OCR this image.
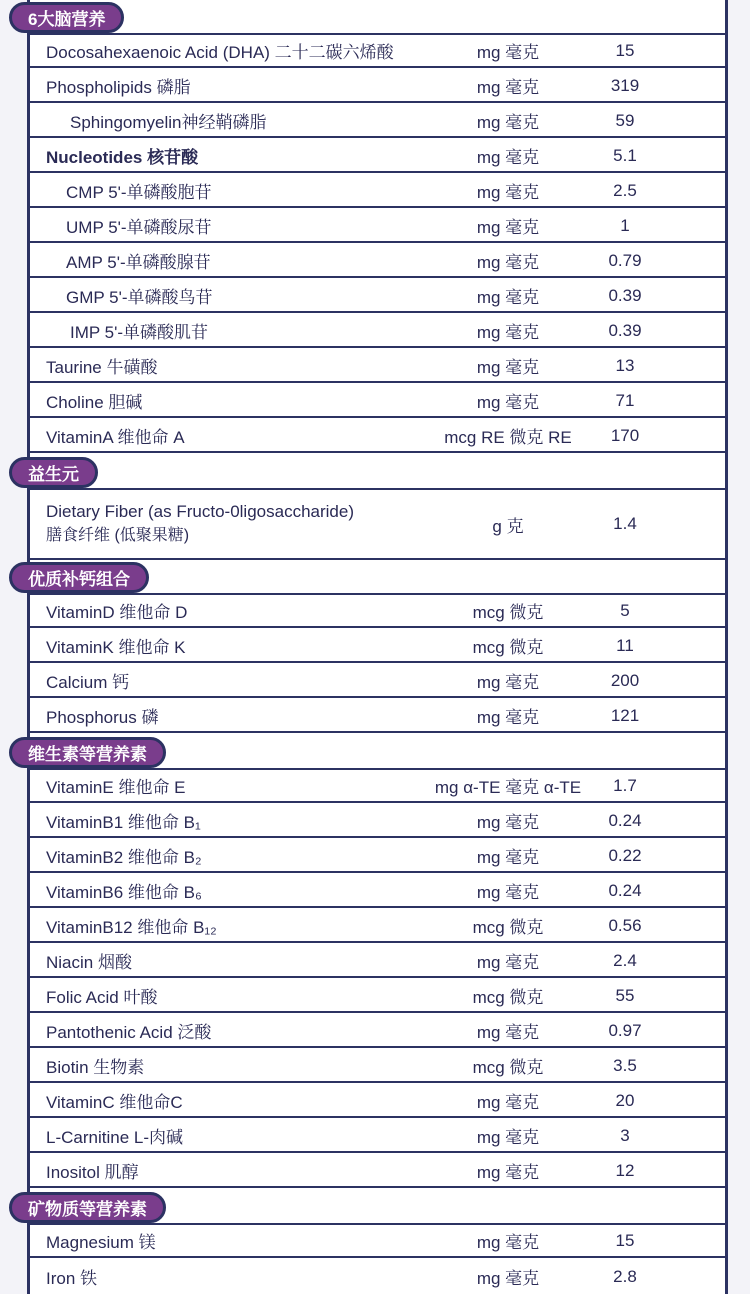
6大脑营养
Docosahexaenoic Acid (DHA) 二十二碳六烯酸	mg 毫克	15
Phospholipids 磷脂	mg 毫克	319
Sphingomyelin神经鞘磷脂	mg 毫克	59
Nucleotides 核苷酸	mg 毫克	5.1
CMP 5'-单磷酸胞苷	mg 毫克	2.5
UMP 5'-单磷酸尿苷	mg 毫克	1
AMP 5'-单磷酸腺苷	mg 毫克	0.79
GMP 5'-单磷酸鸟苷	mg 毫克	0.39
IMP 5'-单磷酸肌苷	mg 毫克	0.39
Taurine 牛磺酸	mg 毫克	13
Choline 胆碱	mg 毫克	71
VitaminA 维他命 A	mcg RE 微克 RE	170
益生元
Dietary Fiber (as Fructo-0ligosaccharide)
膳食纤维 (低聚果糖)	g 克	1.4
优质补钙组合
VitaminD 维他命 D	mcg 微克	5
VitaminK 维他命 K	mcg 微克	11
Calcium 钙	mg 毫克	200
Phosphorus 磷	mg 毫克	121
维生素等营养素
VitaminE 维他命 E	mg α-TE 毫克 α-TE	1.7
VitaminB1 维他命 B₁	mg 毫克	0.24
VitaminB2 维他命 B₂	mg 毫克	0.22
VitaminB6 维他命 B₆	mg 毫克	0.24
VitaminB12 维他命 B₁₂	mcg 微克	0.56
Niacin 烟酸	mg 毫克	2.4
Folic Acid 叶酸	mcg 微克	55
Pantothenic Acid 泛酸	mg 毫克	0.97
Biotin 生物素	mcg 微克	3.5
VitaminC 维他命C	mg 毫克	20
L-Carnitine L-肉碱	mg 毫克	3
Inositol 肌醇	mg 毫克	12
矿物质等营养素
Magnesium 镁	mg 毫克	15
Iron 铁	mg 毫克	2.8
